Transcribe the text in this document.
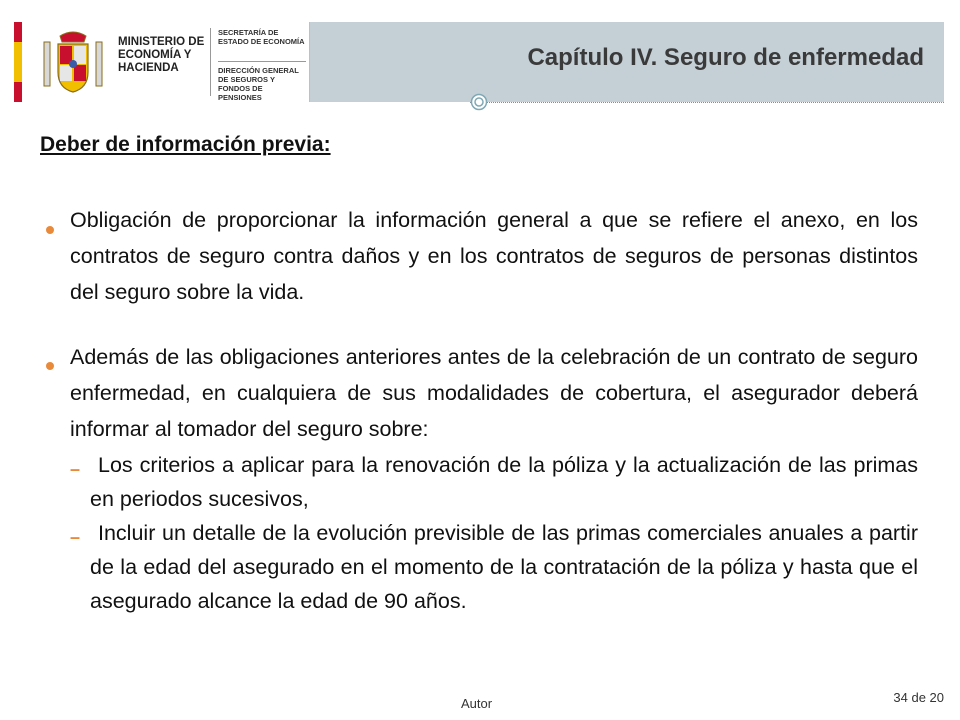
MINISTERIO DE ECONOMÍA Y HACIENDA
SECRETARÍA DE ESTADO DE ECONOMÍA
DIRECCIÓN GENERAL DE SEGUROS Y FONDOS DE PENSIONES
Capítulo IV. Seguro de enfermedad
Deber de información previa:
Obligación de proporcionar la información general a que se refiere el anexo, en los contratos de seguro contra daños y en los contratos de seguros de personas distintos del seguro sobre la vida.
Además de las obligaciones anteriores antes de la celebración de un contrato de seguro enfermedad, en cualquiera de sus modalidades de cobertura, el asegurador deberá informar al tomador del seguro sobre:
– Los criterios a aplicar para la renovación de la póliza y la actualización de las primas en periodos sucesivos,
– Incluir un detalle de la evolución previsible de las primas comerciales anuales a partir de la edad del asegurado en el momento de la contratación de la póliza y hasta que el asegurado alcance la edad de 90 años.
Autor	34 de 20
